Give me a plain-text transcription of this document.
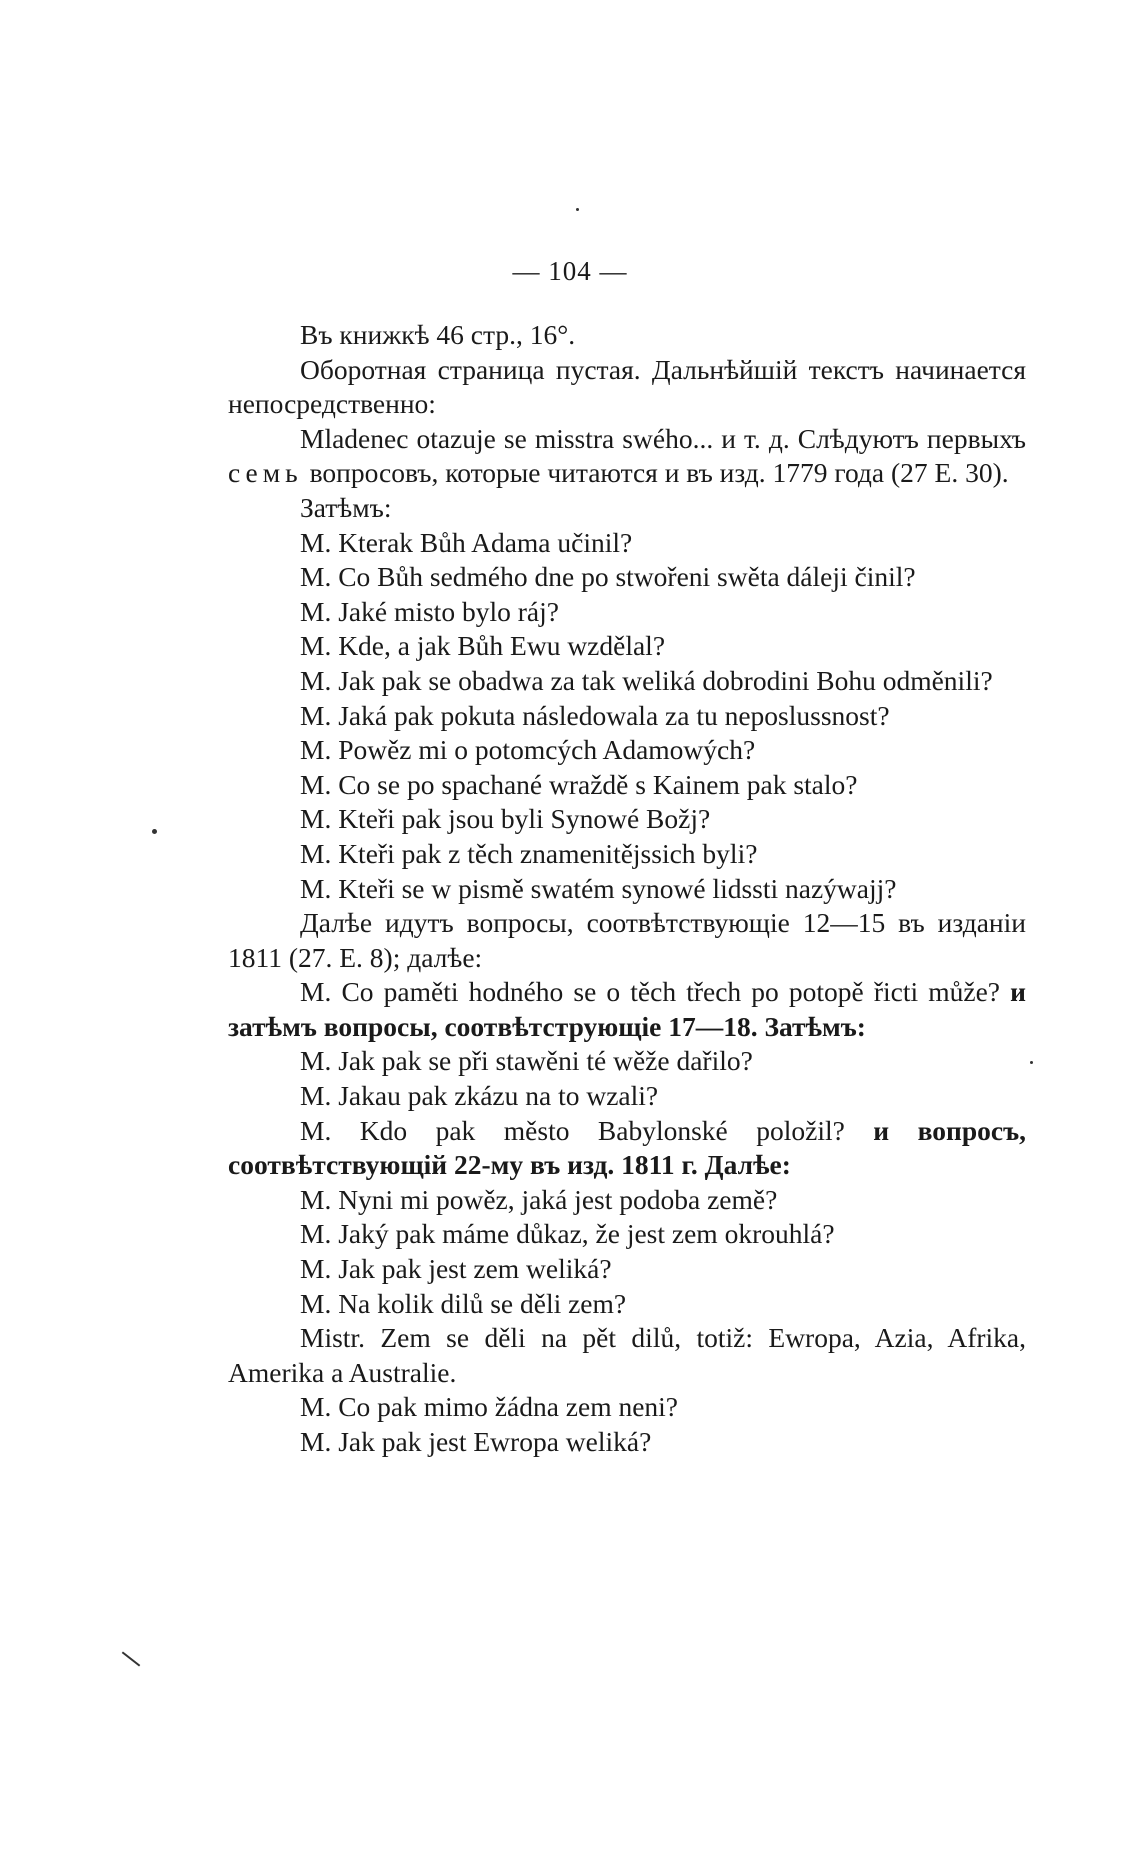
— 104 —

Въ книжкѣ 46 стр., 16°.

Оборотная страница пустая. Дальнѣйшій текстъ начинается непосредственно:

Mladenec otazuje se misstra swého... и т. д. Слѣдуютъ первыхъ семь вопросовъ, которые читаются и въ изд. 1779 года (27 Е. 30).

Затѣмъ:

M. Kterak Bůh Adama učinil?

M. Co Bůh sedmého dne po stwořeni swěta dáleji činil?

M. Jaké misto bylo ráj?

M. Kde, a jak Bůh Ewu wzdělal?

M. Jak pak se obadwa za tak weliká dobrodini Bohu odměnili?

M. Jaká pak pokuta následowala za tu neposlussnost?

M. Powěz mi o potomcých Adamowých?

M. Co se po spachané wraždě s Kainem pak stalo?

M. Kteři pak jsou byli Synowé Božj?

M. Kteři pak z těch znamenitějssich byli?

M. Kteři se w pismě swatém synowé lidssti nazýwajj?

Далѣе идутъ вопросы, соотвѣтствующіе 12—15 въ изданіи 1811 (27. Е. 8); далѣе:

M. Co paměti hodného se o těch třech po potopě řicti může? и затѣмъ вопросы, соотвѣтструющіе 17—18. Затѣмъ:

M. Jak pak se při stawěni té wěže dařilo?

M. Jakau pak zkázu na to wzali?

M. Kdo pak město Babylonské položil? и вопросъ, соотвѣтствующій 22-му въ изд. 1811 г. Далѣе:

M. Nyni mi powěz, jaká jest podoba země?

M. Jaký pak máme důkaz, že jest zem okrouhlá?

M. Jak pak jest zem weliká?

M. Na kolik dilů se děli zem?

Mistr. Zem se děli na pět dilů, totiž: Ewropa, Azia, Afrika, Amerika a Australie.

M. Co pak mimo žádna zem neni?

M. Jak pak jest Ewropa weliká?
